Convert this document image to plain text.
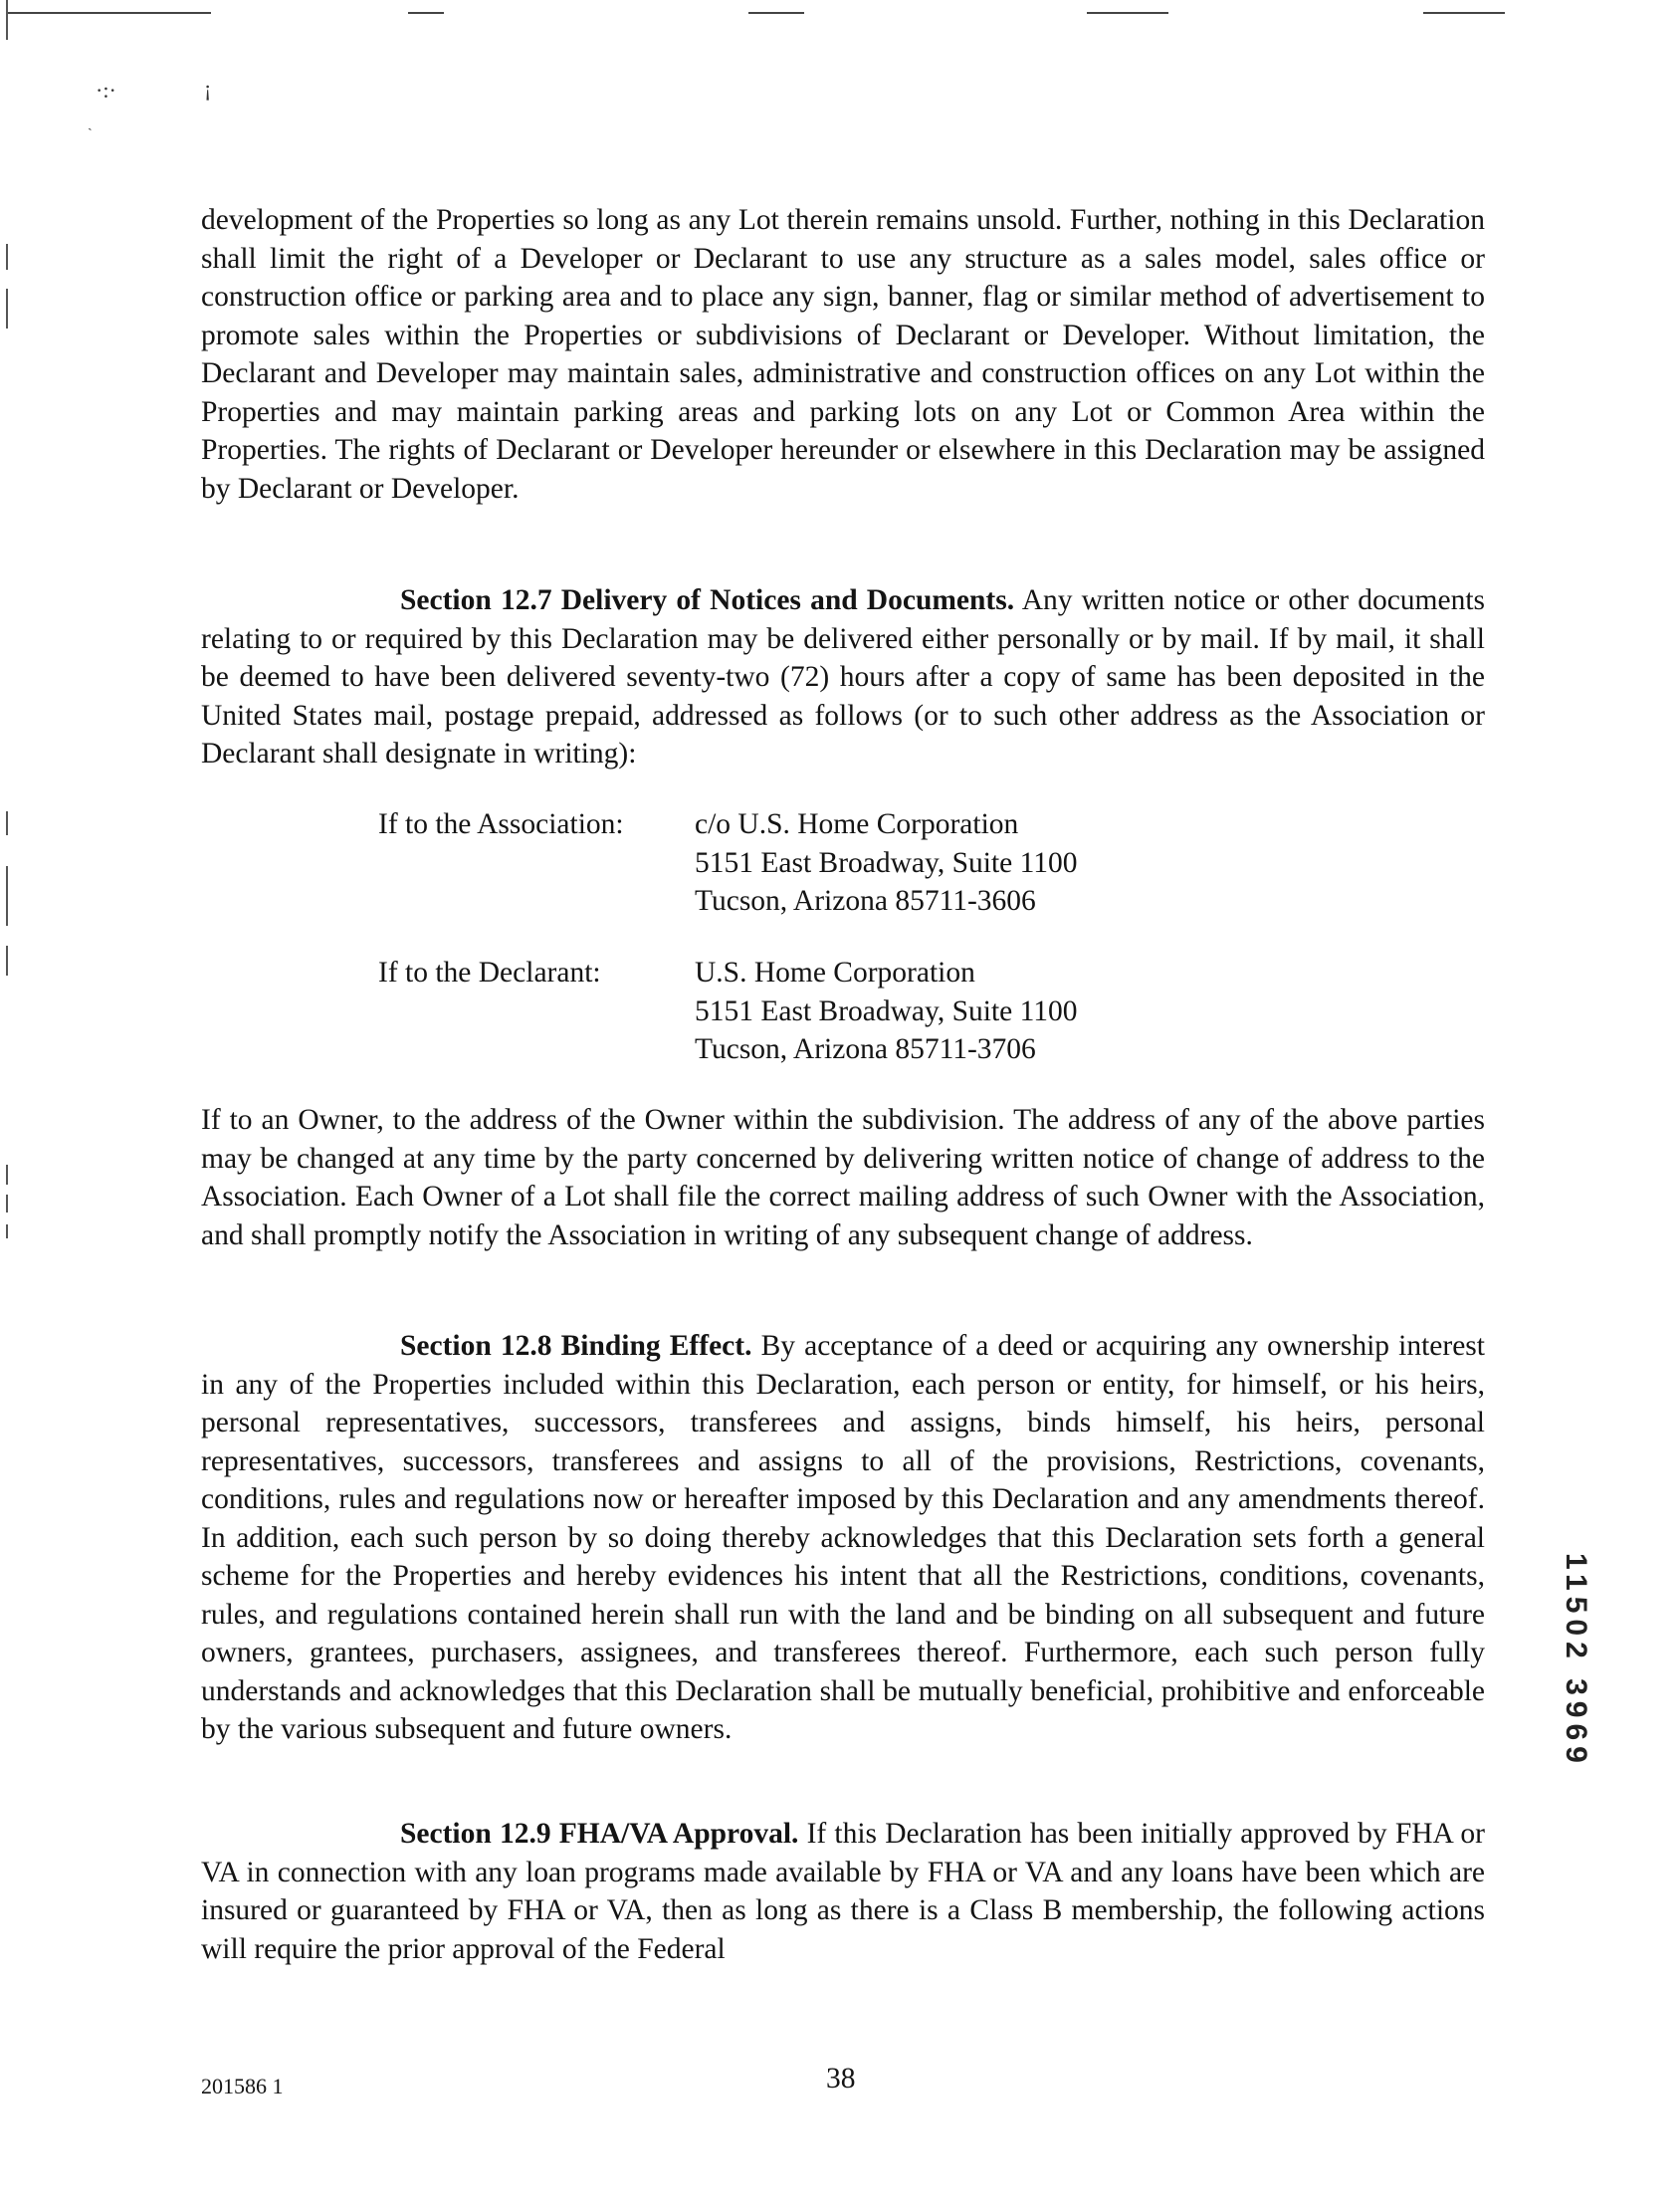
·:·	¡
ˎ

development of the Properties so long as any Lot therein remains unsold. Further, nothing in this Declaration shall limit the right of a Developer or Declarant to use any structure as a sales model, sales office or construction office or parking area and to place any sign, banner, flag or similar method of advertisement to promote sales within the Properties or subdivisions of Declarant or Developer. Without limitation, the Declarant and Developer may maintain sales, administrative and construction offices on any Lot within the Properties and may maintain parking areas and parking lots on any Lot or Common Area within the Properties. The rights of Declarant or Developer hereunder or elsewhere in this Declaration may be assigned by Declarant or Developer.

Section 12.7 Delivery of Notices and Documents. Any written notice or other documents relating to or required by this Declaration may be delivered either personally or by mail. If by mail, it shall be deemed to have been delivered seventy-two (72) hours after a copy of same has been deposited in the United States mail, postage prepaid, addressed as follows (or to such other address as the Association or Declarant shall designate in writing):

If to the Association:	c/o U.S. Home Corporation
5151 East Broadway, Suite 1100
Tucson, Arizona 85711-3606
If to the Declarant:	U.S. Home Corporation
5151 East Broadway, Suite 1100
Tucson, Arizona 85711-3706

If to an Owner, to the address of the Owner within the subdivision. The address of any of the above parties may be changed at any time by the party concerned by delivering written notice of change of address to the Association. Each Owner of a Lot shall file the correct mailing address of such Owner with the Association, and shall promptly notify the Association in writing of any subsequent change of address.

Section 12.8 Binding Effect. By acceptance of a deed or acquiring any ownership interest in any of the Properties included within this Declaration, each person or entity, for himself, or his heirs, personal representatives, successors, transferees and assigns, binds himself, his heirs, personal representatives, successors, transferees and assigns to all of the provisions, Restrictions, covenants, conditions, rules and regulations now or hereafter imposed by this Declaration and any amendments thereof. In addition, each such person by so doing thereby acknowledges that this Declaration sets forth a general scheme for the Properties and hereby evidences his intent that all the Restrictions, conditions, covenants, rules, and regulations contained herein shall run with the land and be binding on all subsequent and future owners, grantees, purchasers, assignees, and transferees thereof. Furthermore, each such person fully understands and acknowledges that this Declaration shall be mutually beneficial, prohibitive and enforceable by the various subsequent and future owners.

Section 12.9 FHA/VA Approval. If this Declaration has been initially approved by FHA or VA in connection with any loan programs made available by FHA or VA and any loans have been which are insured or guaranteed by FHA or VA, then as long as there is a Class B membership, the following actions will require the prior approval of the Federal

201586 1	38
11502 3969
